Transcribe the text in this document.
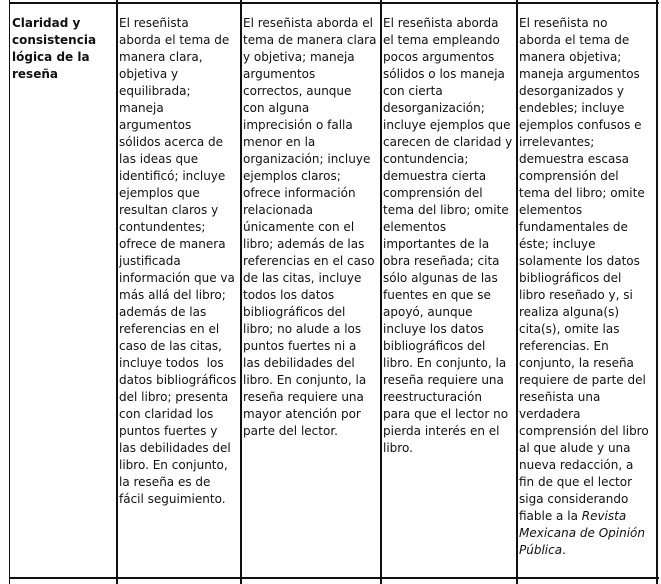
Claridad y
consistencia
lógica de la
reseña
El reseñista
aborda el tema de
manera clara,
objetiva y
equilibrada;
maneja
argumentos
sólidos acerca de
las ideas que
identificó; incluye
ejemplos que
resultan claros y
contundentes;
ofrece de manera
justificada
información que va
más allá del libro;
además de las
referencias en el
caso de las citas,
incluye todos  los
datos bibliográficos
del libro; presenta
con claridad los
puntos fuertes y
las debilidades del
libro. En conjunto,
la reseña es de
fácil seguimiento.
El reseñista aborda el
tema de manera clara
y objetiva; maneja
argumentos
correctos, aunque
con alguna
imprecisión o falla
menor en la
organización; incluye
ejemplos claros;
ofrece información
relacionada
únicamente con el
libro; además de las
referencias en el caso
de las citas, incluye
todos los datos
bibliográficos del
libro; no alude a los
puntos fuertes ni a
las debilidades del
libro. En conjunto, la
reseña requiere una
mayor atención por
parte del lector.
El reseñista aborda
el tema empleando
pocos argumentos
sólidos o los maneja
con cierta
desorganización;
incluye ejemplos que
carecen de claridad y
contundencia;
demuestra cierta
comprensión del
tema del libro; omite
elementos
importantes de la
obra reseñada; cita
sólo algunas de las
fuentes en que se
apoyó, aunque
incluye los datos
bibliográficos del
libro. En conjunto, la
reseña requiere una
reestructuración
para que el lector no
pierda interés en el
libro.
El reseñista no
aborda el tema de
manera objetiva;
maneja argumentos
desorganizados y
endebles; incluye
ejemplos confusos e
irrelevantes;
demuestra escasa
comprensión del
tema del libro; omite
elementos
fundamentales de
éste; incluye
solamente los datos
bibliográficos del
libro reseñado y, si
realiza alguna(s)
cita(s), omite las
referencias. En
conjunto, la reseña
requiere de parte del
reseñista una
verdadera
comprensión del libro
al que alude y una
nueva redacción, a
fin de que el lector
siga considerando
fiable a la Revista
Mexicana de Opinión
Pública.
